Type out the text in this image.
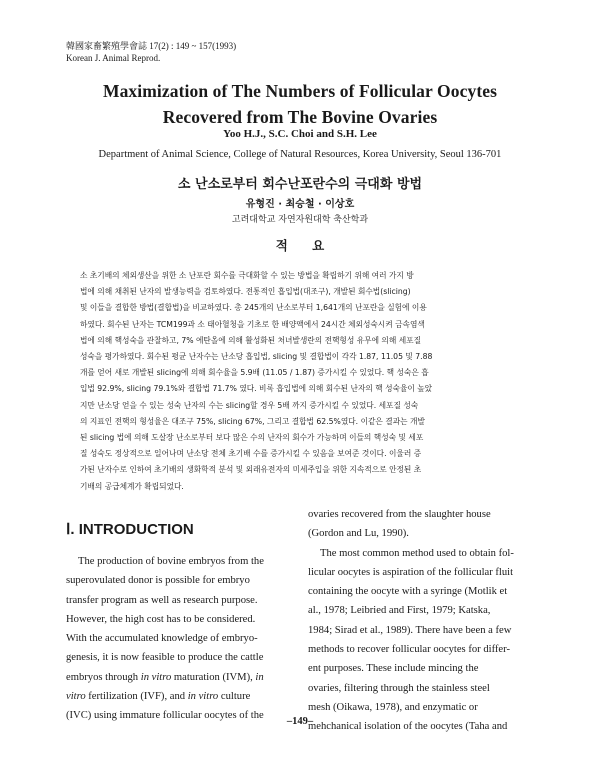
韓國家畜繁殖學會誌 17(2) : 149 ~ 157(1993)
Korean J. Animal Reprod.
Maximization of The Numbers of Follicular Oocytes
Recovered from The Bovine Ovaries
Yoo H.J., S.C. Choi and S.H. Lee
Department of Animal Science, College of Natural Resources, Korea University, Seoul 136-701
소 난소로부터 회수난포란수의 극대화 방법
유형진 · 최승철 · 이상호
고려대학교 자연자원대학 축산학과
적 요
소 초기배의 체외생산을 위한 소 난포란 회수를 극대화할 수 있는 방법을 확립하기 위해 여러 가지 방
법에 의해 채취된 난자의 발생능력을 검토하였다. 전통적인 흡입법(대조구), 개발된 회수법(slicing)
및 이들을 결합한 방법(결합법)을 비교하였다. 총 245개의 난소로부터 1,641개의 난포란을 실험에 이용
하였다. 회수된 난자는 TCM199과 소 태아혈청을 기초로 한 배양액에서 24시간 체외성숙시켜 금속염색
법에 의해 핵성숙을 관찰하고, 7% 에탄올에 의해 활성화된 처녀발생란의 전핵형성 유무에 의해 세포질
성숙을 평가하였다. 회수된 평균 난자수는 난소당 흡입법, slicing 및 결합법이 각각 1.87, 11.05 및 7.88
개를 얻어 새로 개발된 slicing에 의해 회수율을 5.9배 (11.05 / 1.87) 증가시킬 수 있었다. 핵 성숙은 흡
입법 92.9%, slicing 79.1%와 결합법 71.7% 였다. 비록 흡입법에 의해 회수된 난자의 핵 성숙율이 높았
지만 난소당 얻을 수 있는 성숙 난자의 수는 slicing할 경우 5배 까지 증가시킬 수 있었다. 세포질 성숙
의 지표인 전핵의 형성율은 대조구 75%, slicing 67%, 그리고 결합법 62.5%였다. 이같은 결과는 개발
된 slicing 법에 의해 도살장 난소로부터 보다 많은 수의 난자의 회수가 가능하며 이들의 핵성숙 및 세포
질 성숙도 정상적으로 일어나며 난소당 전체 초기배 수를 증가시킬 수 있음을 보여준 것이다. 이울러 증
가된 난자수로 인하여 초기배의 생화학적 분석 및 외래유전자의 미세주입을 위한 지속적으로 안정된 초
기배의 공급체계가 확립되었다.
Ⅰ. INTRODUCTION
The production of bovine embryos from the
superovulated donor is possible for embryo
transfer program as well as research purpose.
However, the high cost has to be considered.
With the accumulated knowledge of embryo-
genesis, it is now feasible to produce the cattle
embryos through in vitro maturation (IVM), in
vitro fertilization (IVF), and in vitro culture
(IVC) using immature follicular oocytes of the
ovaries recovered from the slaughter house
(Gordon and Lu, 1990).
The most common method used to obtain fol-
licular oocytes is aspiration of the follicular fluit
containing the oocyte with a syringe (Motlik et
al., 1978; Leibried and First, 1979; Katska,
1984; Sirad et al., 1989). There have been a few
methods to recover follicular oocytes for differ-
ent purposes. These include mincing the
ovaries, filtering through the stainless steel
mesh (Oikawa, 1978), and enzymatic or
mehchanical isolation of the oocytes (Taha and
–149–
